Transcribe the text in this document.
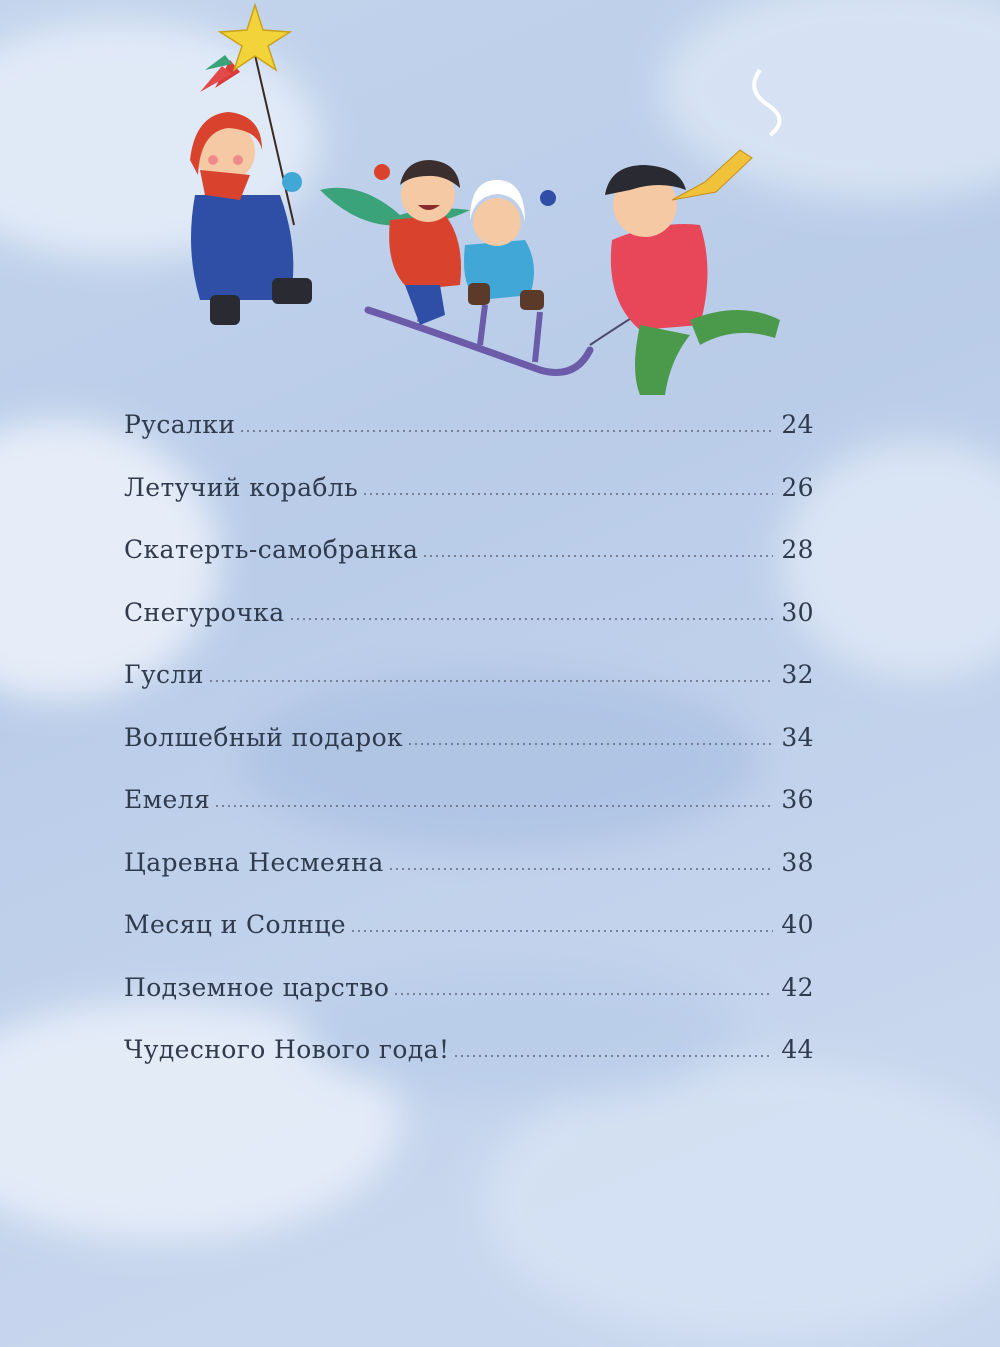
Русалки	24
Летучий корабль	26
Скатерть-самобранка	28
Снегурочка	30
Гусли	32
Волшебный подарок	34
Емеля	36
Царевна Несмеяна	38
Месяц и Солнце	40
Подземное царство	42
Чудесного Нового года!	44
